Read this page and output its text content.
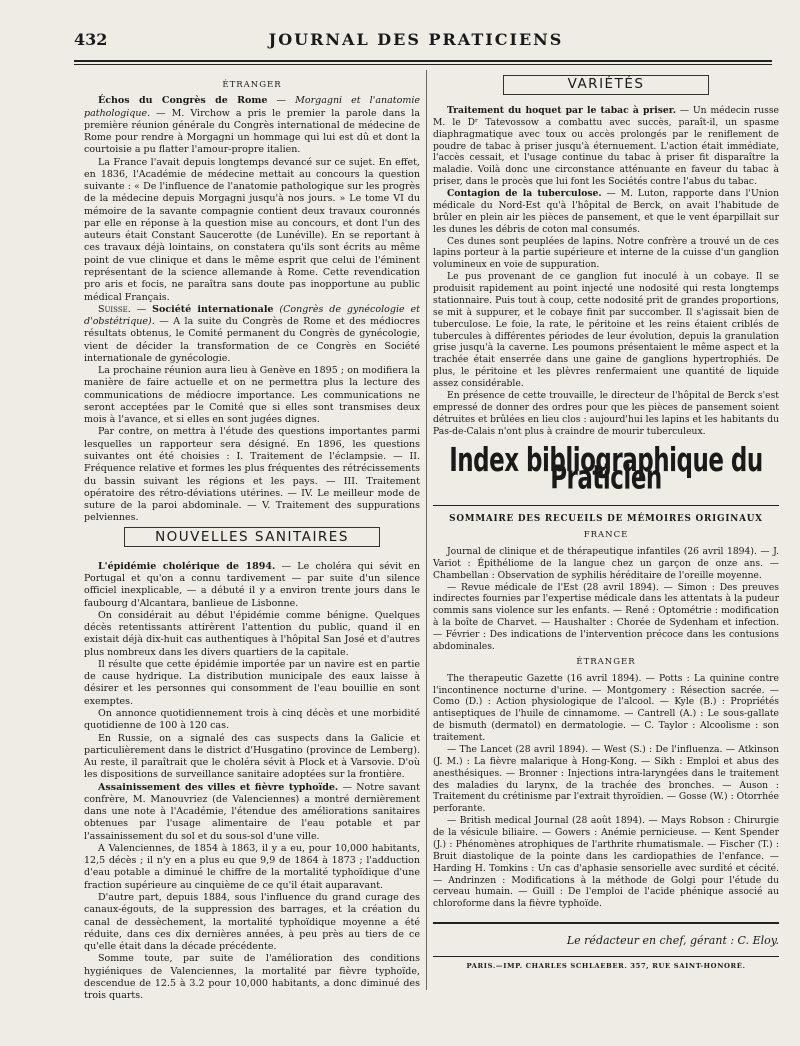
432	JOURNAL DES PRATICIENS

ÉTRANGER

Échos du Congrès de Rome — Morgagni et l'anatomie pathologique. — M. Virchow a pris le premier la parole dans la première réunion générale du Congrès international de médecine de Rome pour rendre à Morgagni un hommage qui lui est dû et dont la courtoisie a pu flatter l'amour-propre italien.

La France l'avait depuis longtemps devancé sur ce sujet. En effet, en 1836, l'Académie de médecine mettait au concours la question suivante : « De l'influence de l'anatomie pathologique sur les progrès de la médecine depuis Morgagni jusqu'à nos jours. » Le tome VI du mémoire de la savante compagnie contient deux travaux couronnés par elle en réponse à la question mise au concours, et dont l'un des auteurs était Constant Saucerotte (de Lunéville). En se reportant à ces travaux déjà lointains, on constatera qu'ils sont écrits au même point de vue clinique et dans le même esprit que celui de l'éminent représentant de la science allemande à Rome. Cette revendication pro aris et focis, ne paraîtra sans doute pas inopportune au public médical Français.

Suisse. — Société internationale (Congrès de gynécologie et d'obstétrique). — A la suite du Congrès de Rome et des médiocres résultats obtenus, le Comité permanent du Congrès de gynécologie, vient de décider la transformation de ce Congrès en Société internationale de gynécologie.

La prochaine réunion aura lieu à Genève en 1895 ; on modifiera la manière de faire actuelle et on ne permettra plus la lecture des communications de médiocre importance. Les communications ne seront acceptées par le Comité que si elles sont transmises deux mois à l'avance, et si elles en sont jugées dignes.

Par contre, on mettra à l'étude des questions importantes parmi lesquelles un rapporteur sera désigné. En 1896, les questions suivantes ont été choisies : I. Traitement de l'éclampsie. — II. Fréquence relative et formes les plus fréquentes des rétrécissements du bassin suivant les régions et les pays. — III. Traitement opératoire des rétro-déviations utérines. — IV. Le meilleur mode de suture de la paroi abdominale. — V. Traitement des suppurations pelviennes.

NOUVELLES SANITAIRES

L'épidémie cholérique de 1894. — Le choléra qui sévit en Portugal et qu'on a connu tardivement — par suite d'un silence officiel inexplicable, — a débuté il y a environ trente jours dans le faubourg d'Alcantara, banlieue de Lisbonne.

On considérait au début l'épidémie comme bénigne. Quelques décès retentissants attirèrent l'attention du public, quand il en existait déjà dix-huit cas authentiques à l'hôpital San José et d'autres plus nombreux dans les divers quartiers de la capitale.

Il résulte que cette épidémie importée par un navire est en partie de cause hydrique. La distribution municipale des eaux laisse à désirer et les personnes qui consomment de l'eau bouillie en sont exemptes.

On annonce quotidiennement trois à cinq décès et une morbidité quotidienne de 100 à 120 cas.

En Russie, on a signalé des cas suspects dans la Galicie et particulièrement dans le district d'Husgatino (province de Lemberg). Au reste, il paraîtrait que le choléra sévit à Plock et à Varsovie. D'où les dispositions de surveillance sanitaire adoptées sur la frontière.

Assainissement des villes et fièvre typhoïde. — Notre savant confrère, M. Manouvriez (de Valenciennes) a montré dernièrement dans une note à l'Académie, l'étendue des améliorations sanitaires obtenues par l'usage alimentaire de l'eau potable et par l'assainissement du sol et du sous-sol d'une ville.

A Valenciennes, de 1854 à 1863, il y a eu, pour 10,000 habitants, 12,5 décès ; il n'y en a plus eu que 9,9 de 1864 à 1873 ; l'adduction d'eau potable a diminué le chiffre de la mortalité typhoïdique d'une fraction supérieure au cinquième de ce qu'il était auparavant.

D'autre part, depuis 1884, sous l'influence du grand curage des canaux-égouts, de la suppression des barrages, et la création du canal de dessèchement, la mortalité typhoïdique moyenne a été réduite, dans ces dix dernières années, à peu près au tiers de ce qu'elle était dans la décade précédente.

Somme toute, par suite de l'amélioration des conditions hygiéniques de Valenciennes, la mortalité par fièvre typhoïde, descendue de 12.5 à 3.2 pour 10,000 habitants, a donc diminué des trois quarts.

VARIÉTÉS

Traitement du hoquet par le tabac à priser. — Un médecin russe M. le Dʳ Tatevossow a combattu avec succès, paraît-il, un spasme diaphragmatique avec toux ou accès prolongés par le reniflement de poudre de tabac à priser jusqu'à éternuement. L'action était immédiate, l'accès cessait, et l'usage continue du tabac à priser fit disparaître la maladie. Voilà donc une circonstance atténuante en faveur du tabac à priser, dans le procès que lui font les Sociétés contre l'abus du tabac.

Contagion de la tuberculose. — M. Luton, rapporte dans l'Union médicale du Nord-Est qu'à l'hôpital de Berck, on avait l'habitude de brûler en plein air les pièces de pansement, et que le vent éparpillait sur les dunes les débris de coton mal consumés.

Ces dunes sont peuplées de lapins. Notre confrère a trouvé un de ces lapins porteur à la partie supérieure et interne de la cuisse d'un ganglion volumineux en voie de suppuration.

Le pus provenant de ce ganglion fut inoculé à un cobaye. Il se produisit rapidement au point injecté une nodosité qui resta longtemps stationnaire. Puis tout à coup, cette nodosité prit de grandes proportions, se mit à suppurer, et le cobaye finit par succomber. Il s'agissait bien de tuberculose. Le foie, la rate, le péritoine et les reins étaient criblés de tubercules à différentes périodes de leur évolution, depuis la granulation grise jusqu'à la caverne. Les poumons présentaient le même aspect et la trachée était enserrée dans une gaine de ganglions hypertrophiés. De plus, le péritoine et les plèvres renfermaient une quantité de liquide assez considérable.

En présence de cette trouvaille, le directeur de l'hôpital de Berck s'est empressé de donner des ordres pour que les pièces de pansement soient détruites et brûlées en lieu clos : aujourd'hui les lapins et les habitants du Pas-de-Calais n'ont plus à craindre de mourir tuberculeux.

Index bibliographique du Praticien

SOMMAIRE DES RECUEILS DE MÉMOIRES ORIGINAUX

FRANCE

Journal de clinique et de thérapeutique infantiles (26 avril 1894). — J. Variot : Épithéliome de la langue chez un garçon de onze ans. — Chambellan : Observation de syphilis héréditaire de l'oreille moyenne.

— Revue médicale de l'Est (28 avril 1894). — Simon : Des preuves indirectes fournies par l'expertise médicale dans les attentats à la pudeur commis sans violence sur les enfants. — René : Optométrie : modification à la boîte de Charvet. — Haushalter : Chorée de Sydenham et infection. — Février : Des indications de l'intervention précoce dans les contusions abdominales.

ÉTRANGER

The therapeutic Gazette (16 avril 1894). — Potts : La quinine contre l'incontinence nocturne d'urine. — Montgomery : Résection sacrée. — Como (D.) : Action physiologique de l'alcool. — Kyle (B.) : Propriétés antiseptiques de l'huile de cinnamome. — Cantrell (A.) : Le sous-gallate de bismuth (dermatol) en dermatologie. — C. Taylor : Alcoolisme : son traitement.

— The Lancet (28 avril 1894). — West (S.) : De l'influenza. — Atkinson (J. M.) : La fièvre malarique à Hong-Kong. — Sikh : Emploi et abus des anesthésiques. — Bronner : Injections intra-laryngées dans le traitement des maladies du larynx, de la trachée des bronches. — Auson : Traitement du crétinisme par l'extrait thyroïdien. — Gosse (W.) : Otorrhée perforante.

— British medical Journal (28 août 1894). — Mays Robson : Chirurgie de la vésicule biliaire. — Gowers : Anémie pernicieuse. — Kent Spender (J.) : Phénomènes atrophiques de l'arthrite rhumatismale. — Fischer (T.) : Bruit diastolique de la pointe dans les cardiopathies de l'enfance. — Harding H. Tomkins : Un cas d'aphasie sensorielle avec surdité et cécité. — Andrinzen : Modifications à la méthode de Golgi pour l'étude du cerveau humain. — Guill : De l'emploi de l'acide phénique associé au chloroforme dans la fièvre typhoïde.

Le rédacteur en chef, gérant : C. Eloy.
PARIS.—IMP. CHARLES SCHLAEBER. 357, RUE SAINT-HONORÉ.
